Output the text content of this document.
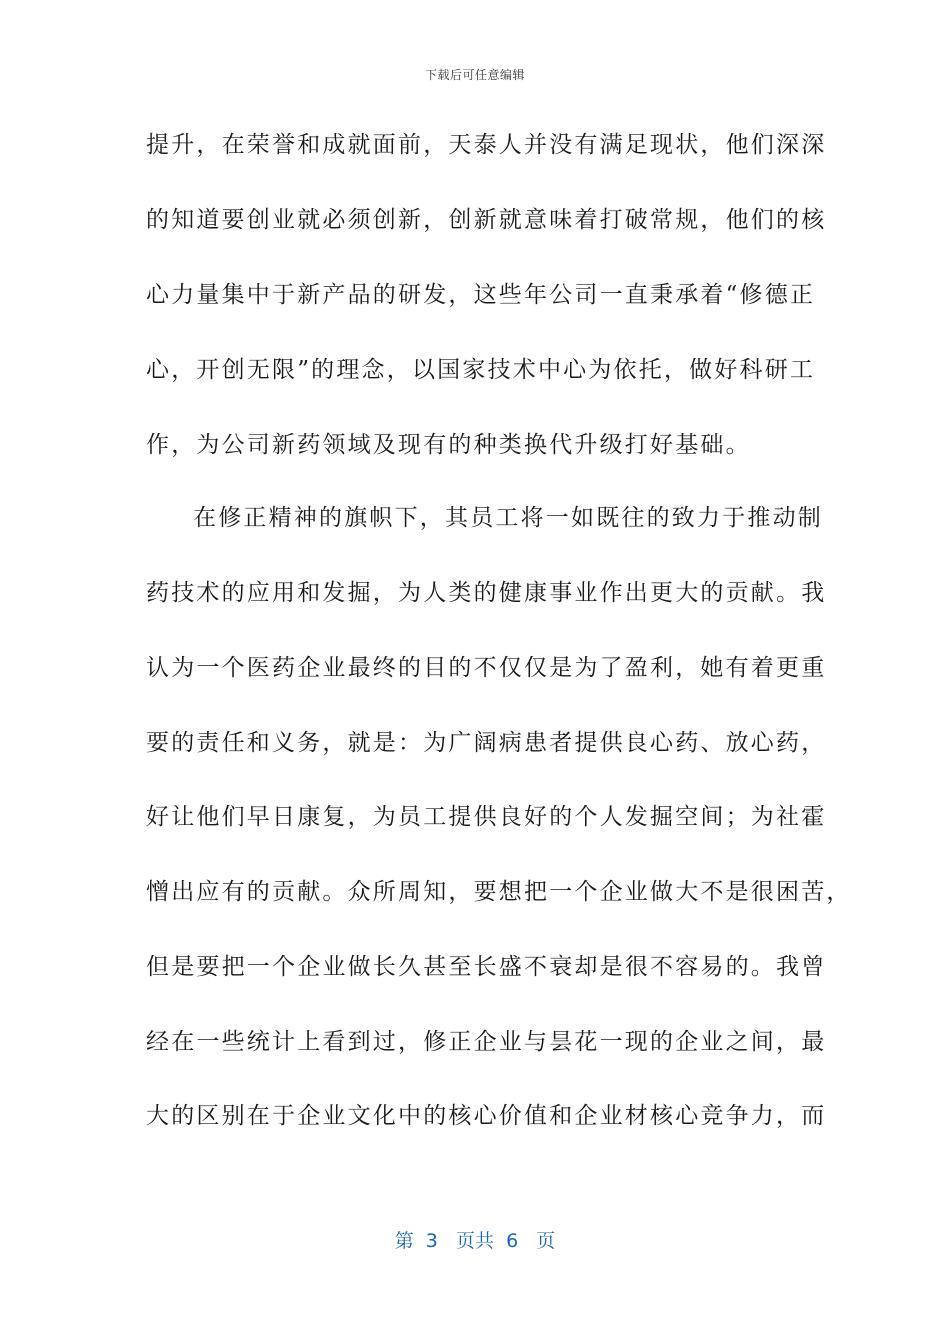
下载后可任意编辑
提升，在荣誉和成就面前，天泰人并没有满足现状，他们深深
的知道要创业就必须创新，创新就意味着打破常规，他们的核
心力量集中于新产品的研发，这些年公司一直秉承着“修德正
心，开创无限”的理念，以国家技术中心为依托，做好科研工
作，为公司新药领域及现有的种类换代升级打好基础。
在修正精神的旗帜下，其员工将一如既往的致力于推动制
药技术的应用和发掘，为人类的健康事业作出更大的贡献。我
认为一个医药企业最终的目的不仅仅是为了盈利，她有着更重
要的责任和义务，就是：为广阔病患者提供良心药、放心药，
好让他们早日康复，为员工提供良好的个人发掘空间；为社霍
憎出应有的贡献。众所周知，要想把一个企业做大不是很困苦，
但是要把一个企业做长久甚至长盛不衰却是很不容易的。我曾
经在一些统计上看到过，修正企业与昙花一现的企业之间，最
大的区别在于企业文化中的核心价值和企业材核心竞争力，而
第  3   页共  6   页
